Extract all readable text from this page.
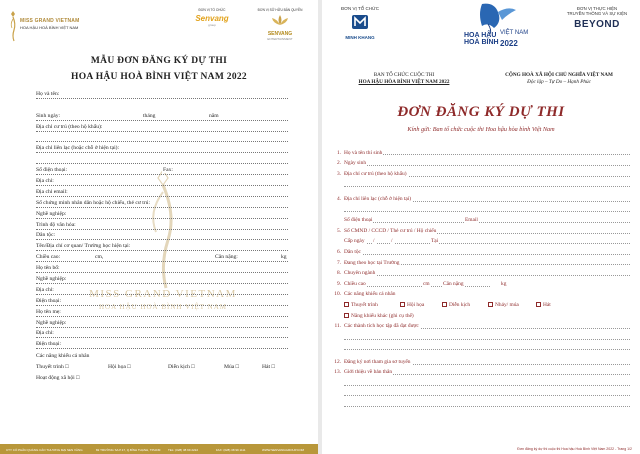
MISS GRAND VIETNAM
HOA HẬU HOÀ BÌNH VIỆT NAM
ĐƠN VỊ TỔ CHỨC
Senvang
group
ĐƠN VỊ SỞ HỮU BẢN QUYỀN
SENVANG
ENTERTAINMENT
MẪU ĐƠN ĐĂNG KÝ DỰ THI
HOA HẬU HOÀ BÌNH VIỆT NAM 2022
MISS GRAND VIETNAM
HOA HẬU HOÀ BÌNH VIỆT NAM
Họ và tên:
Sinh ngày:	tháng	năm
Địa chỉ cư trú (theo hộ khẩu):
Địa chỉ liên lạc (hoặc chỗ ở hiện tại):
Số điện thoại:	Fax:
Địa chỉ:
Địa chỉ email:
Số chứng minh nhân dân hoặc hộ chiếu, thẻ cư trú:
Nghề nghiệp:
Trình độ văn hóa:
Dân tộc:
Tên/Địa chỉ cơ quan/ Trường học hiện tại:
Chiều cao:	cm,	Cân nặng:	kg
Họ tên bố:
Nghề nghiệp:
Địa chỉ:
Điện thoại:
Họ tên mẹ:
Nghề nghiệp:
Địa chỉ:
Điện thoại:
Các năng khiếu cá nhân
Thuyết trình □	Hội họa □	Diễn kịch □	Múa □	Hát □
Hoạt động xã hội □
CTY CỔ PHẦN QUẢNG CÁO THƯƠNG MẠI SEN VÀNG	82 TRƯỜNG SA P.17, Q.BÌNH THẠNH, TPHCM	TEL: (028) 38 99 2222	FAX: (028) 38 99 1111	WWW.SENVANGGROUP.COM
ĐƠN VỊ TỔ CHỨC
MINH KHANG	HOA HẬU
HOÀ BÌNH
VIỆT NAM
2022
ĐƠN VỊ THỰC HIỆN
TRUYỀN THÔNG VÀ SỰ KIỆN
BEYOND
BAN TỔ CHỨC CUỘC THI
HOA HẬU HÒA BÌNH VIỆT NAM 2022
CỘNG HOÀ XÃ HỘI CHỦ NGHĨA VIỆT NAM
Độc lập – Tự Do – Hạnh Phúc
ĐƠN ĐĂNG KÝ DỰ THI
Kính gửi: Ban tổ chức cuộc thi Hoa hậu hòa bình Việt Nam
1. Họ và tên thí sinh
2. Ngày sinh
3. Địa chỉ cư trú (theo hộ khẩu)
4. Địa chỉ liên lạc (chỗ ở hiện tại)
Số điện thoại	Email
5. Số CMND / CCCD / Thẻ cư trú / Hộ chiếu
Cấp ngày /	/	Tại
6. Dân tộc
7. Đang theo học tại Trường
8. Chuyên ngành
9. Chiều cao	cm Cân nặng	kg
10. Các năng khiếu cá nhân
Thuyết trình	Hội họa	Diễn kịch	Nhảy/ múa	Hát
Năng khiếu khác (ghi cụ thể)
11. Các thành tích học tập đã đạt được
12. Đăng ký nơi tham gia sơ tuyển
13. Giới thiệu về bản thân
Đơn đăng ký dự thi cuộc thi Hoa hậu Hoà Bình Việt Nam 2022 - Trang 1/2
